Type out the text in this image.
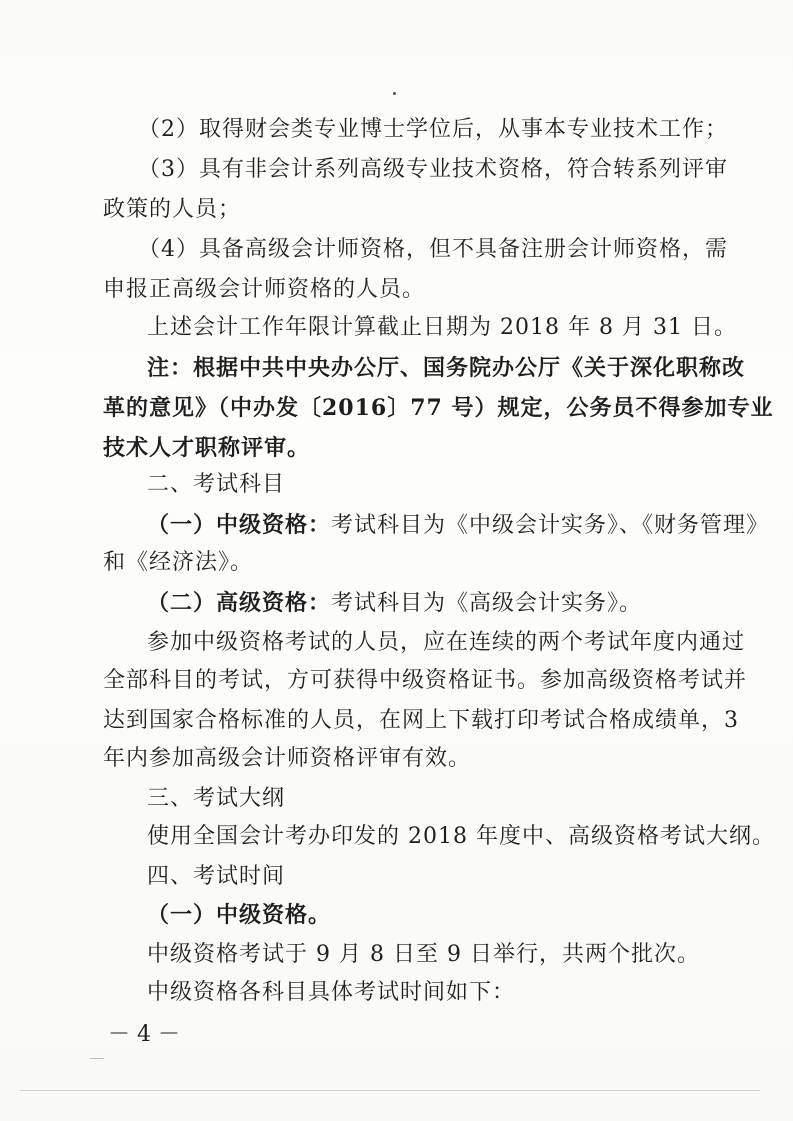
（2）取得财会类专业博士学位后，从事本专业技术工作；
（3）具有非会计系列高级专业技术资格，符合转系列评审
政策的人员；
（4）具备高级会计师资格，但不具备注册会计师资格，需
申报正高级会计师资格的人员。
上述会计工作年限计算截止日期为 2018 年 8 月 31 日。
注：根据中共中央办公厅、国务院办公厅《关于深化职称改
革的意见》（中办发〔2016〕77 号）规定，公务员不得参加专业
技术人才职称评审。
二、考试科目
（一）中级资格：考试科目为《中级会计实务》、《财务管理》
和《经济法》。
（二）高级资格：考试科目为《高级会计实务》。
参加中级资格考试的人员，应在连续的两个考试年度内通过
全部科目的考试，方可获得中级资格证书。参加高级资格考试并
达到国家合格标准的人员，在网上下载打印考试合格成绩单，3
年内参加高级会计师资格评审有效。
三、考试大纲
使用全国会计考办印发的 2018 年度中、高级资格考试大纲。
四、考试时间
（一）中级资格。
中级资格考试于 9 月 8 日至 9 日举行，共两个批次。
中级资格各科目具体考试时间如下：
－ 4 －
